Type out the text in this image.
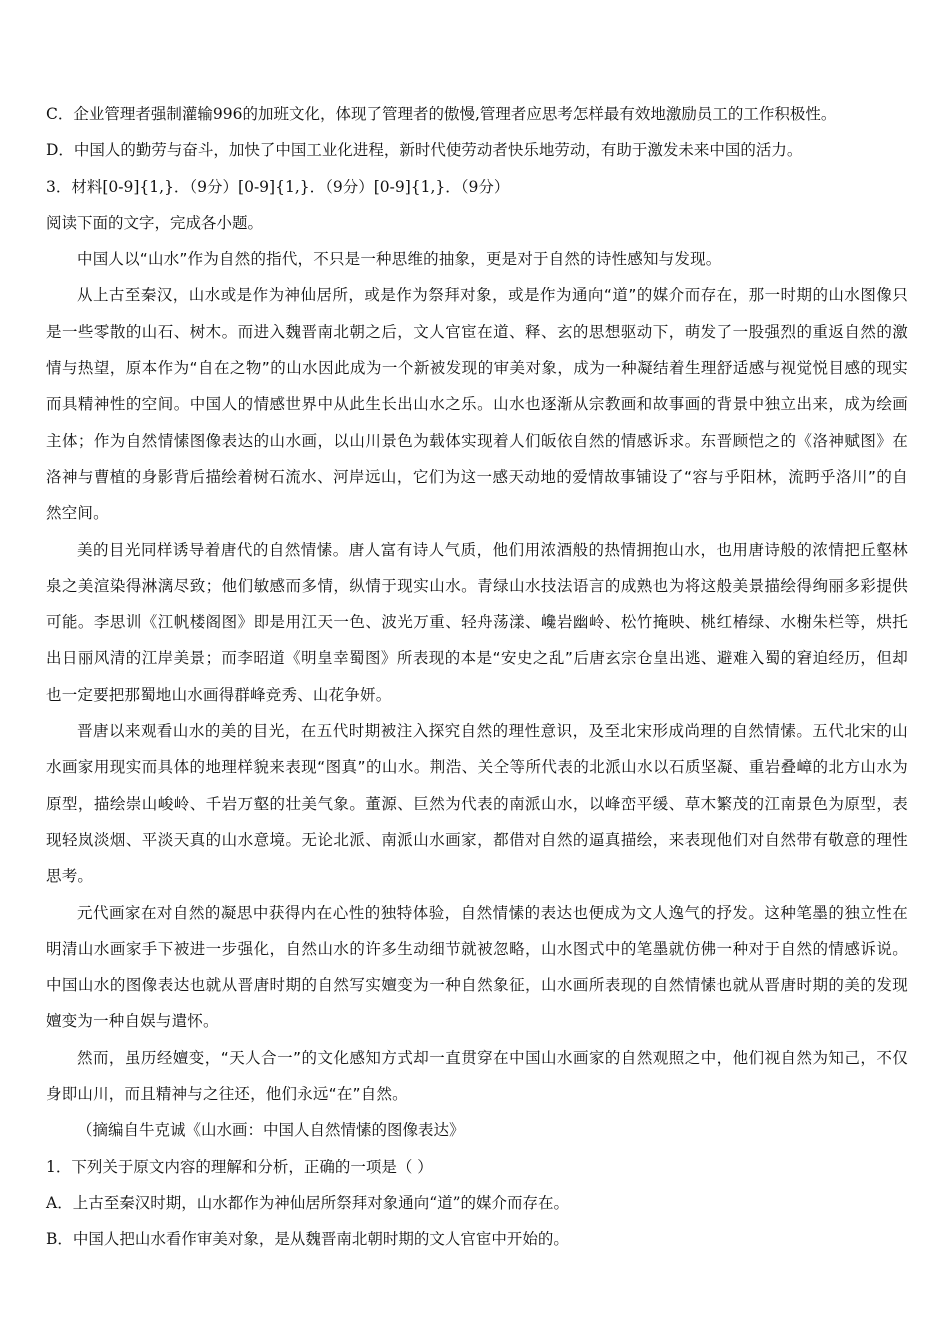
C．企业管理者强制灌输996的加班文化，体现了管理者的傲慢,管理者应思考怎样最有效地激励员工的工作积极性。
D．中国人的勤劳与奋斗，加快了中国工业化进程，新时代使劳动者快乐地劳动，有助于激发未来中国的活力。
3．材料[0-9]{1,}．（9分）[0-9]{1,}．（9分）[0-9]{1,}．（9分）
阅读下面的文字，完成各小题。

中国人以“山水”作为自然的指代，不只是一种思维的抽象，更是对于自然的诗性感知与发现。

从上古至秦汉，山水或是作为神仙居所，或是作为祭拜对象，或是作为通向“道”的媒介而存在，那一时期的山水图像只是一些零散的山石、树木。而进入魏晋南北朝之后，文人官宦在道、释、玄的思想驱动下，萌发了一股强烈的重返自然的激情与热望，原本作为“自在之物”的山水因此成为一个新被发现的审美对象，成为一种凝结着生理舒适感与视觉悦目感的现实而具精神性的空间。中国人的情感世界中从此生长出山水之乐。山水也逐渐从宗教画和故事画的背景中独立出来，成为绘画主体；作为自然情愫图像表达的山水画，以山川景色为载体实现着人们皈依自然的情感诉求。东晋顾恺之的《洛神赋图》在洛神与曹植的身影背后描绘着树石流水、河岸远山，它们为这一感天动地的爱情故事铺设了“容与乎阳林，流眄乎洛川”的自然空间。

美的目光同样诱导着唐代的自然情愫。唐人富有诗人气质，他们用浓酒般的热情拥抱山水，也用唐诗般的浓情把丘壑林泉之美渲染得淋漓尽致；他们敏感而多情，纵情于现实山水。青绿山水技法语言的成熟也为将这般美景描绘得绚丽多彩提供可能。李思训《江帆楼阁图》即是用江天一色、波光万重、轻舟荡漾、巉岩幽岭、松竹掩映、桃红椿绿、水榭朱栏等，烘托出日丽风清的江岸美景；而李昭道《明皇幸蜀图》所表现的本是“安史之乱”后唐玄宗仓皇出逃、避难入蜀的窘迫经历，但却也一定要把那蜀地山水画得群峰竞秀、山花争妍。

晋唐以来观看山水的美的目光，在五代时期被注入探究自然的理性意识，及至北宋形成尚理的自然情愫。五代北宋的山水画家用现实而具体的地理样貌来表现“图真”的山水。荆浩、关仝等所代表的北派山水以石质坚凝、重岩叠嶂的北方山水为原型，描绘崇山峻岭、千岩万壑的壮美气象。董源、巨然为代表的南派山水，以峰峦平缓、草木繁茂的江南景色为原型，表现轻岚淡烟、平淡天真的山水意境。无论北派、南派山水画家，都借对自然的逼真描绘，来表现他们对自然带有敬意的理性思考。

元代画家在对自然的凝思中获得内在心性的独特体验，自然情愫的表达也便成为文人逸气的抒发。这种笔墨的独立性在明清山水画家手下被进一步强化，自然山水的许多生动细节就被忽略，山水图式中的笔墨就仿佛一种对于自然的情感诉说。中国山水的图像表达也就从晋唐时期的自然写实嬗变为一种自然象征，山水画所表现的自然情愫也就从晋唐时期的美的发现嬗变为一种自娱与遣怀。

然而，虽历经嬗变，“天人合一”的文化感知方式却一直贯穿在中国山水画家的自然观照之中，他们视自然为知己，不仅身即山川，而且精神与之往还，他们永远“在”自然。

（摘编自牛克诚《山水画：中国人自然情愫的图像表达》

1．下列关于原文内容的理解和分析，正确的一项是（ ）

A．上古至秦汉时期，山水都作为神仙居所祭拜对象通向“道”的媒介而存在。

B．中国人把山水看作审美对象，是从魏晋南北朝时期的文人官宦中开始的。
